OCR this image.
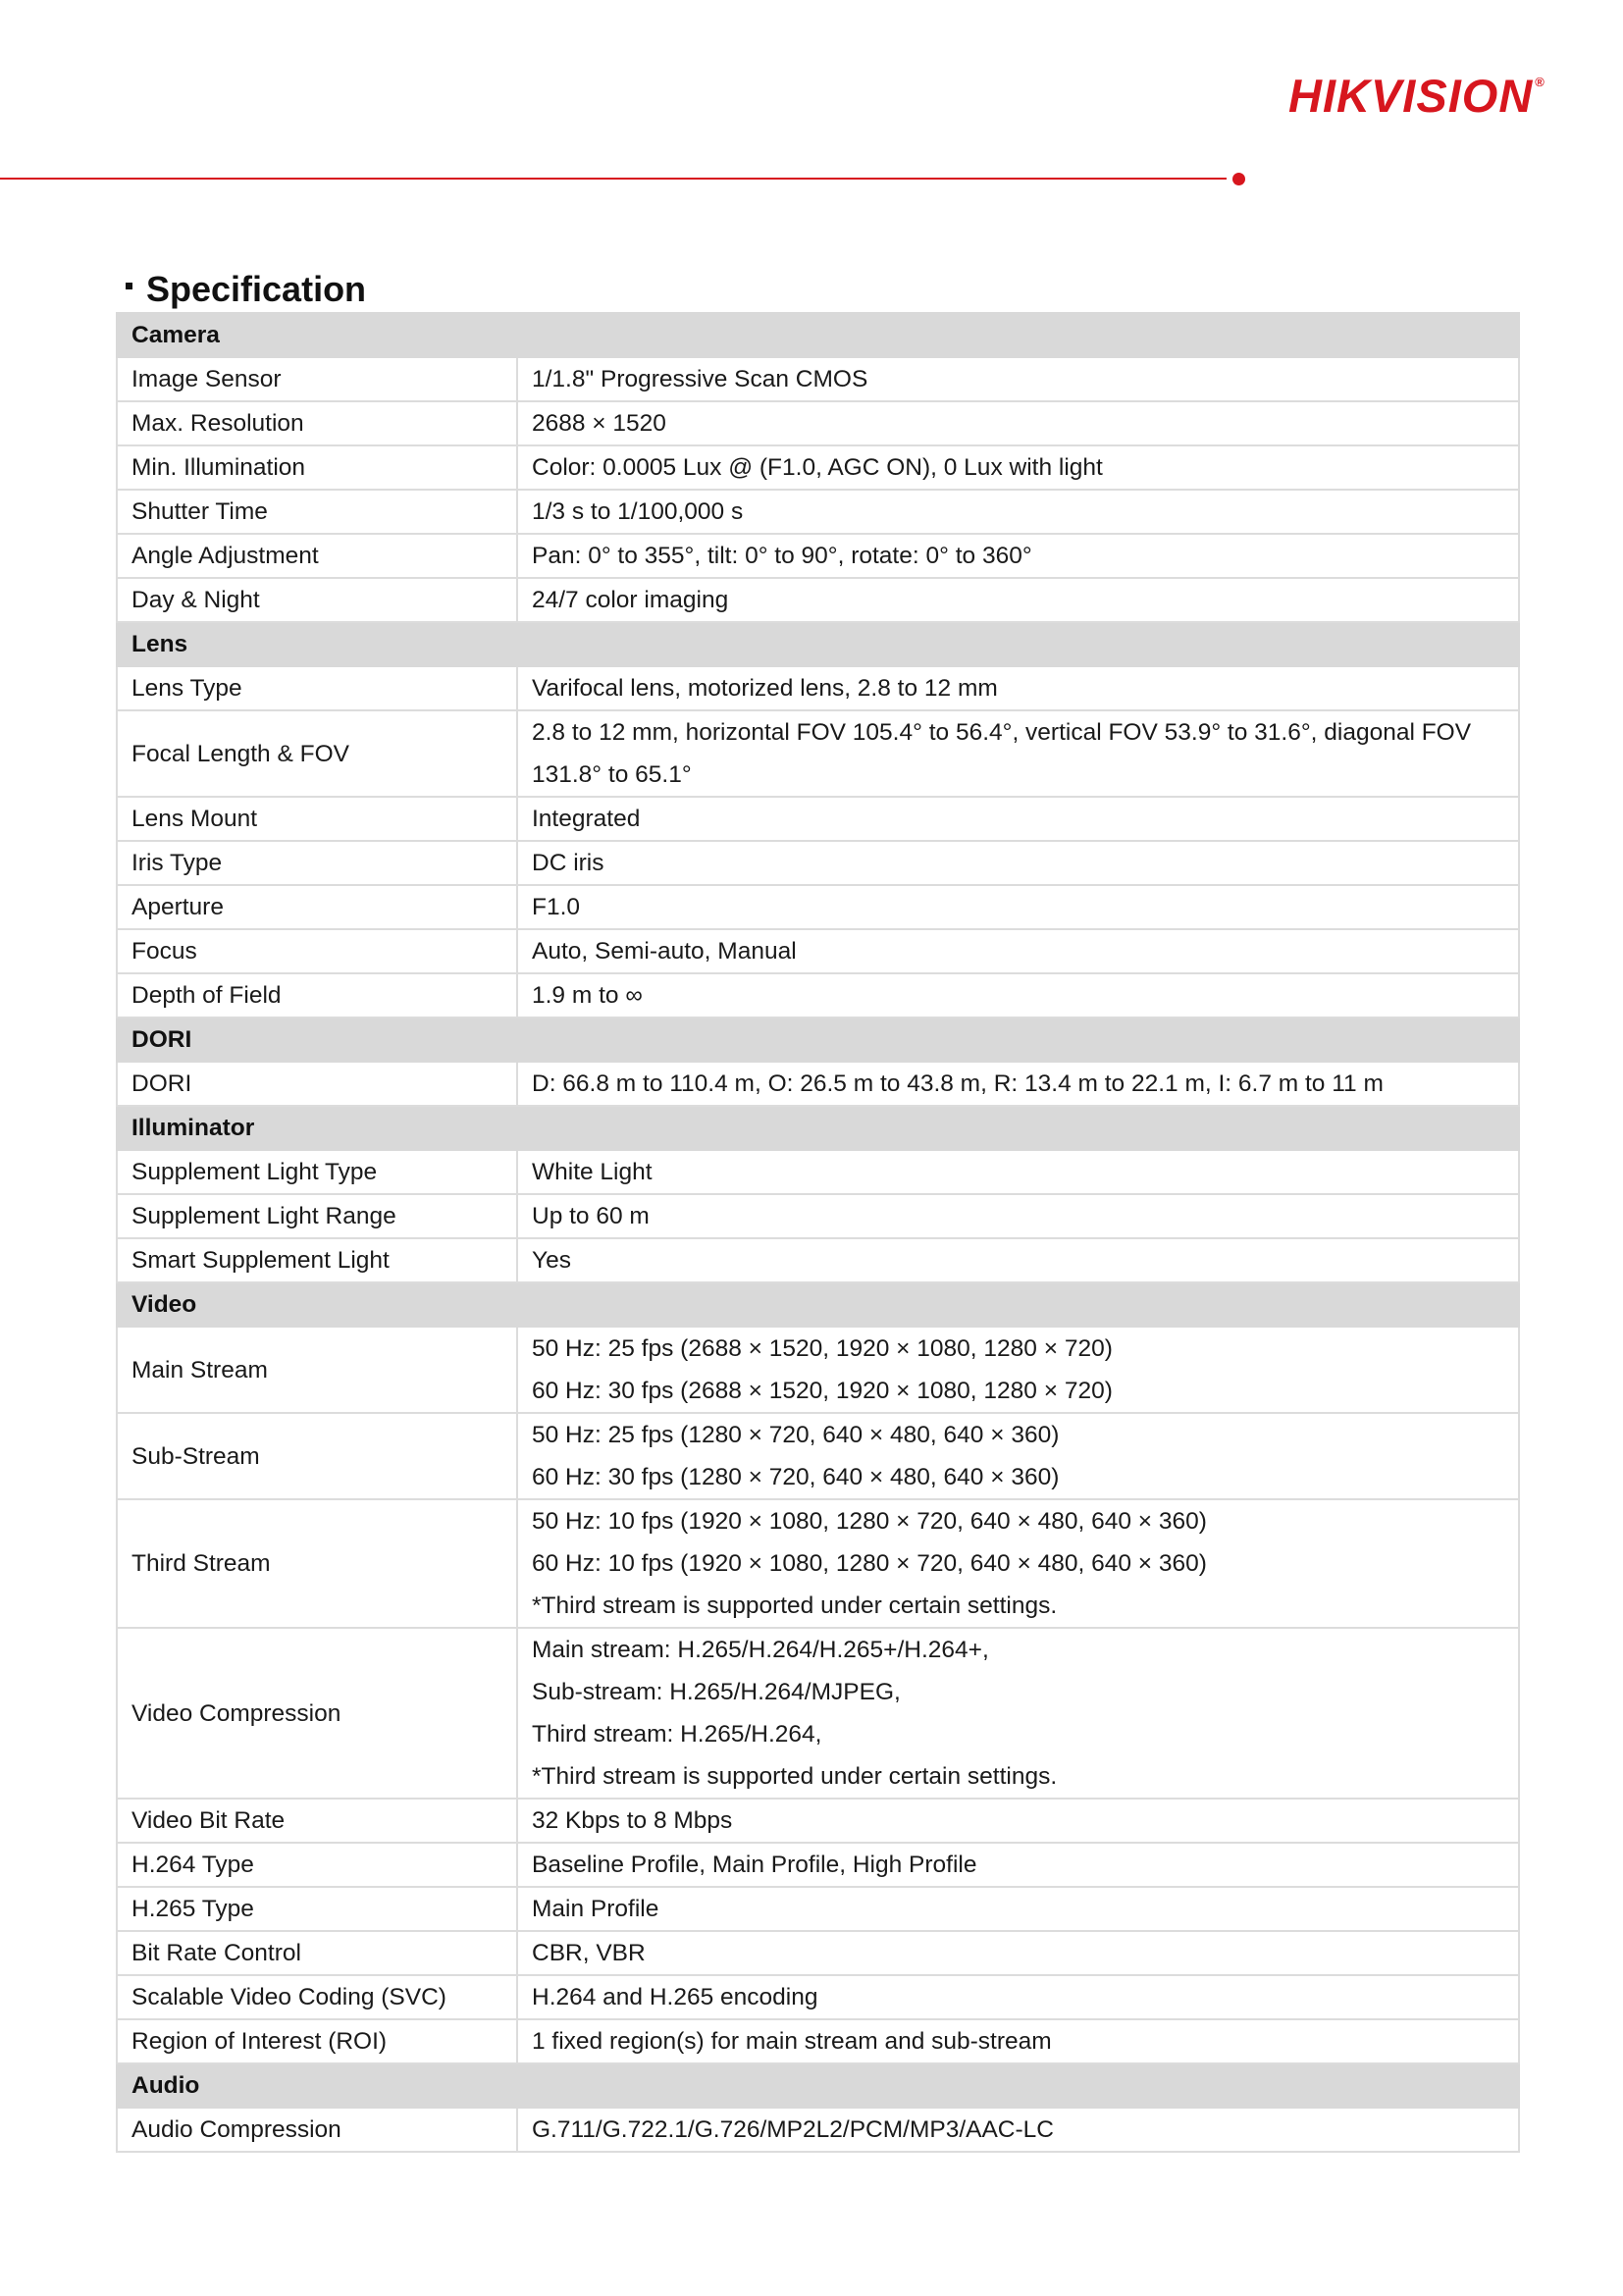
HIKVISION ®
Specification
Camera	
Image Sensor	1/1.8" Progressive Scan CMOS

Max. Resolution	2688 × 1520

Min. Illumination	Color: 0.0005 Lux @ (F1.0, AGC ON), 0 Lux with light

Shutter Time	1/3 s to 1/100,000 s

Angle Adjustment	Pan: 0° to 355°, tilt: 0° to 90°, rotate: 0° to 360°

Day & Night	24/7 color imaging

Lens	
Lens Type	Varifocal lens, motorized lens, 2.8 to 12 mm

Focal Length & FOV	2.8 to 12 mm, horizontal FOV 105.4° to 56.4°, vertical FOV 53.9° to 31.6°, diagonal FOV
131.8° to 65.1°

Lens Mount	Integrated

Iris Type	DC iris

Aperture	F1.0

Focus	Auto, Semi-auto, Manual

Depth of Field	1.9 m to ∞

DORI	
DORI	D: 66.8 m to 110.4 m, O: 26.5 m to 43.8 m, R: 13.4 m to 22.1 m, I: 6.7 m to 11 m

Illuminator	
Supplement Light Type	White Light

Supplement Light Range	Up to 60 m

Smart Supplement Light	Yes

Video	
Main Stream	50 Hz: 25 fps (2688 × 1520, 1920 × 1080, 1280 × 720)
60 Hz: 30 fps (2688 × 1520, 1920 × 1080, 1280 × 720)

Sub-Stream	50 Hz: 25 fps (1280 × 720, 640 × 480, 640 × 360)
60 Hz: 30 fps (1280 × 720, 640 × 480, 640 × 360)

Third Stream	50 Hz: 10 fps (1920 × 1080, 1280 × 720, 640 × 480, 640 × 360)
60 Hz: 10 fps (1920 × 1080, 1280 × 720, 640 × 480, 640 × 360)
*Third stream is supported under certain settings.

Video Compression	Main stream: H.265/H.264/H.265+/H.264+,
Sub-stream: H.265/H.264/MJPEG,
Third stream: H.265/H.264,
*Third stream is supported under certain settings.

Video Bit Rate	32 Kbps to 8 Mbps

H.264 Type	Baseline Profile, Main Profile, High Profile

H.265 Type	Main Profile

Bit Rate Control	CBR, VBR

Scalable Video Coding (SVC)	H.264 and H.265 encoding

Region of Interest (ROI)	1 fixed region(s) for main stream and sub-stream

Audio	
Audio Compression	G.711/G.722.1/G.726/MP2L2/PCM/MP3/AAC-LC
